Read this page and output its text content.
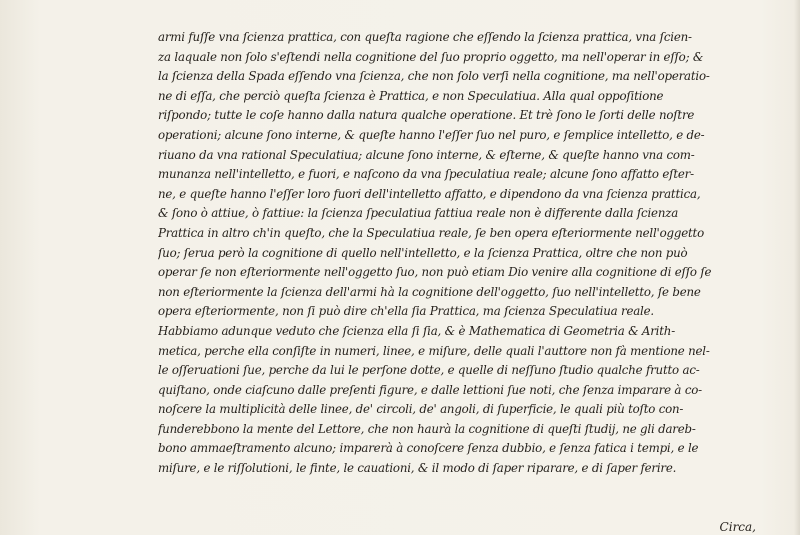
armi fuſſe vna ſcienza prattica, con queſta ragione che eſſendo la ſcienza prattica, vna ſcien-
za laquale non ſolo s'eſtendi nella cognitione del ſuo proprio oggetto, ma nell'operar in eſſo; &
la ſcienza della Spada eſſendo vna ſcienza, che non ſolo verſi nella cognitione, ma nell'operatio-
ne di eſſa, che perciò queſta ſcienza è Prattica, e non Speculatiua. Alla qual oppoſitione
riſpondo; tutte le coſe hanno dalla natura qualche operatione. Et trè ſono le ſorti delle noſtre
operationi; alcune ſono interne, & queſte hanno l'eſſer ſuo nel puro, e ſemplice intelletto, e de-
riuano da vna rational Speculatiua; alcune ſono interne, & eſterne, & queſte hanno vna com-
munanza nell'intelletto, e fuori, e naſcono da vna ſpeculatiua reale; alcune ſono affatto eſter-
ne, e queſte hanno l'eſſer loro fuori dell'intelletto affatto, e dipendono da vna ſcienza prattica,
& ſono ò attiue, ò fattiue: la ſcienza ſpeculatiua fattiua reale non è differente dalla ſcienza
Prattica in altro ch'in queſto, che la Speculatiua reale, ſe ben opera eſteriormente nell'oggetto
ſuo; ſerua però la cognitione di quello nell'intelletto, e la ſcienza Prattica, oltre che non può
operar ſe non eſteriormente nell'oggetto ſuo, non può etiam Dio venire alla cognitione di eſſo ſe
non eſteriormente la ſcienza dell'armi hà la cognitione dell'oggetto, ſuo nell'intelletto, ſe bene
opera eſteriormente, non ſi può dire ch'ella ſia Prattica, ma ſcienza Speculatiua reale.
Habbiamo adunque veduto che ſcienza ella ſi ſia, & è Mathematica di Geometria & Arith-
metica, perche ella conſiſte in numeri, linee, e miſure, delle quali l'auttore non fà mentione nel-
le oſſeruationi ſue, perche da lui le perſone dotte, e quelle di neſſuno ſtudio qualche frutto ac-
quiſtano, onde ciaſcuno dalle preſenti figure, e dalle lettioni ſue noti, che ſenza imparare à co-
noſcere la multiplicità delle linee, de' circoli, de' angoli, di ſuperficie, le quali più toſto con-
funderebbono la mente del Lettore, che non haurà la cognitione di queſti ſtudij, ne gli dareb-
bono ammaeſtramento alcuno; imparerà à conoſcere ſenza dubbio, e ſenza fatica i tempi, e le
miſure, e le riſſolutioni, le finte, le cauationi, & il modo di ſaper riparare, e di ſaper ferire.
Circa,
